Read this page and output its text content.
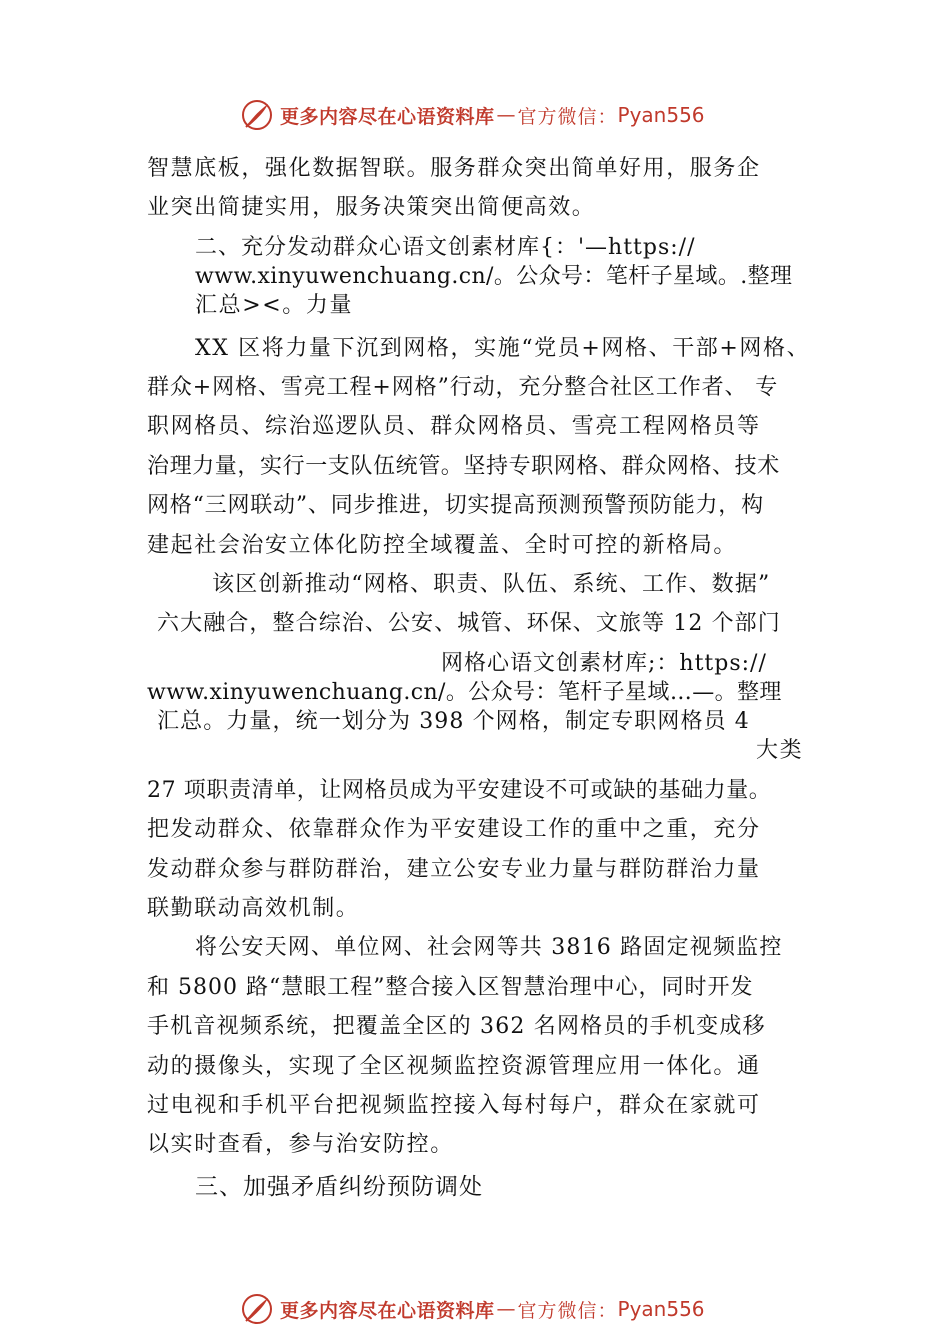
更多内容尽在心语资料库 — 官方微信： Pyan556
智慧底板，强化数据智联。服务群众突出简单好用，服务企
业突出简捷实用，服务决策突出简便高效。
二、充分发动群众心语文创素材库{：'—https://
www.xinyuwenchuang.cn/。公众号：笔杆子星域。.整理
汇总><。力量
XX 区将力量下沉到网格，实施“党员+网格、干部+网格、
群众+网格、雪亮工程+网格”行动，充分整合社区工作者、 专
职网格员、综治巡逻队员、群众网格员、雪亮工程网格员等
治理力量，实行一支队伍统管。坚持专职网格、群众网格、技术
网格“三网联动”、同步推进，切实提高预测预警预防能力，构
建起社会治安立体化防控全域覆盖、全时可控的新格局。
该区创新推动“网格、职责、队伍、系统、工作、数据”
六大融合，整合综治、公安、城管、环保、文旅等 12 个部门
网格心语文创素材库;：https://
www.xinyuwenchuang.cn/。公众号：笔杆子星域…—。整理
汇总。力量，统一划分为 398 个网格，制定专职网格员 4
大类
27 项职责清单，让网格员成为平安建设不可或缺的基础力量。
把发动群众、依靠群众作为平安建设工作的重中之重，充分
发动群众参与群防群治，建立公安专业力量与群防群治力量
联勤联动高效机制。
将公安天网、单位网、社会网等共 3816 路固定视频监控
和 5800 路“慧眼工程”整合接入区智慧治理中心，同时开发
手机音视频系统，把覆盖全区的 362 名网格员的手机变成移
动的摄像头，实现了全区视频监控资源管理应用一体化。通
过电视和手机平台把视频监控接入每村每户，群众在家就可
以实时查看，参与治安防控。
三、加强矛盾纠纷预防调处
更多内容尽在心语资料库 — 官方微信： Pyan556
